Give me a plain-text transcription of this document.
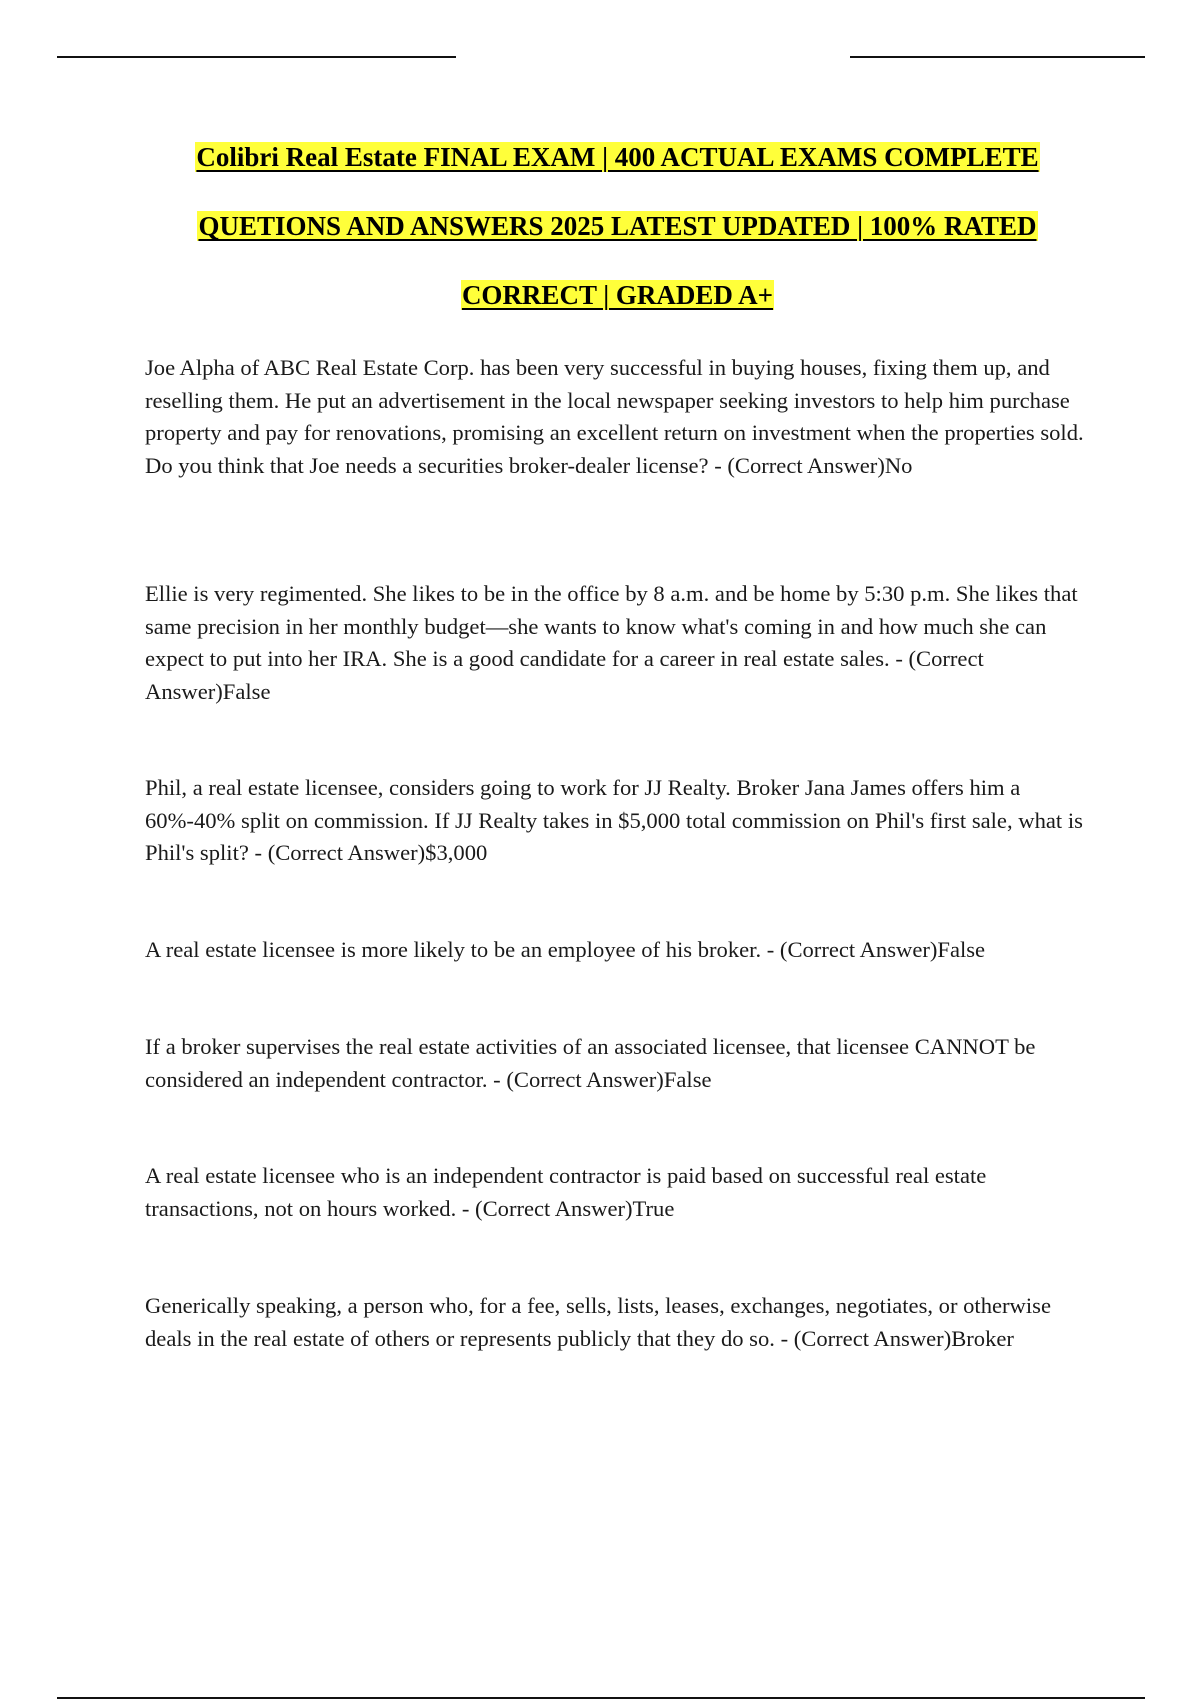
Colibri Real Estate FINAL EXAM | 400 ACTUAL EXAMS COMPLETE
QUETIONS AND ANSWERS 2025 LATEST UPDATED | 100% RATED
CORRECT | GRADED A+

Joe Alpha of ABC Real Estate Corp. has been very successful in buying houses, fixing them up, and reselling them. He put an advertisement in the local newspaper seeking investors to help him purchase property and pay for renovations, promising an excellent return on investment when the properties sold. Do you think that Joe needs a securities broker-dealer license? - (Correct Answer)No

Ellie is very regimented. She likes to be in the office by 8 a.m. and be home by 5:30 p.m. She likes that same precision in her monthly budget—she wants to know what's coming in and how much she can expect to put into her IRA. She is a good candidate for a career in real estate sales. - (Correct Answer)False

Phil, a real estate licensee, considers going to work for JJ Realty. Broker Jana James offers him a 60%-40% split on commission. If JJ Realty takes in $5,000 total commission on Phil's first sale, what is Phil's split? - (Correct Answer)$3,000

A real estate licensee is more likely to be an employee of his broker. - (Correct Answer)False

If a broker supervises the real estate activities of an associated licensee, that licensee CANNOT be considered an independent contractor. - (Correct Answer)False

A real estate licensee who is an independent contractor is paid based on successful real estate transactions, not on hours worked. - (Correct Answer)True

Generically speaking, a person who, for a fee, sells, lists, leases, exchanges, negotiates, or otherwise deals in the real estate of others or represents publicly that they do so. - (Correct Answer)Broker
